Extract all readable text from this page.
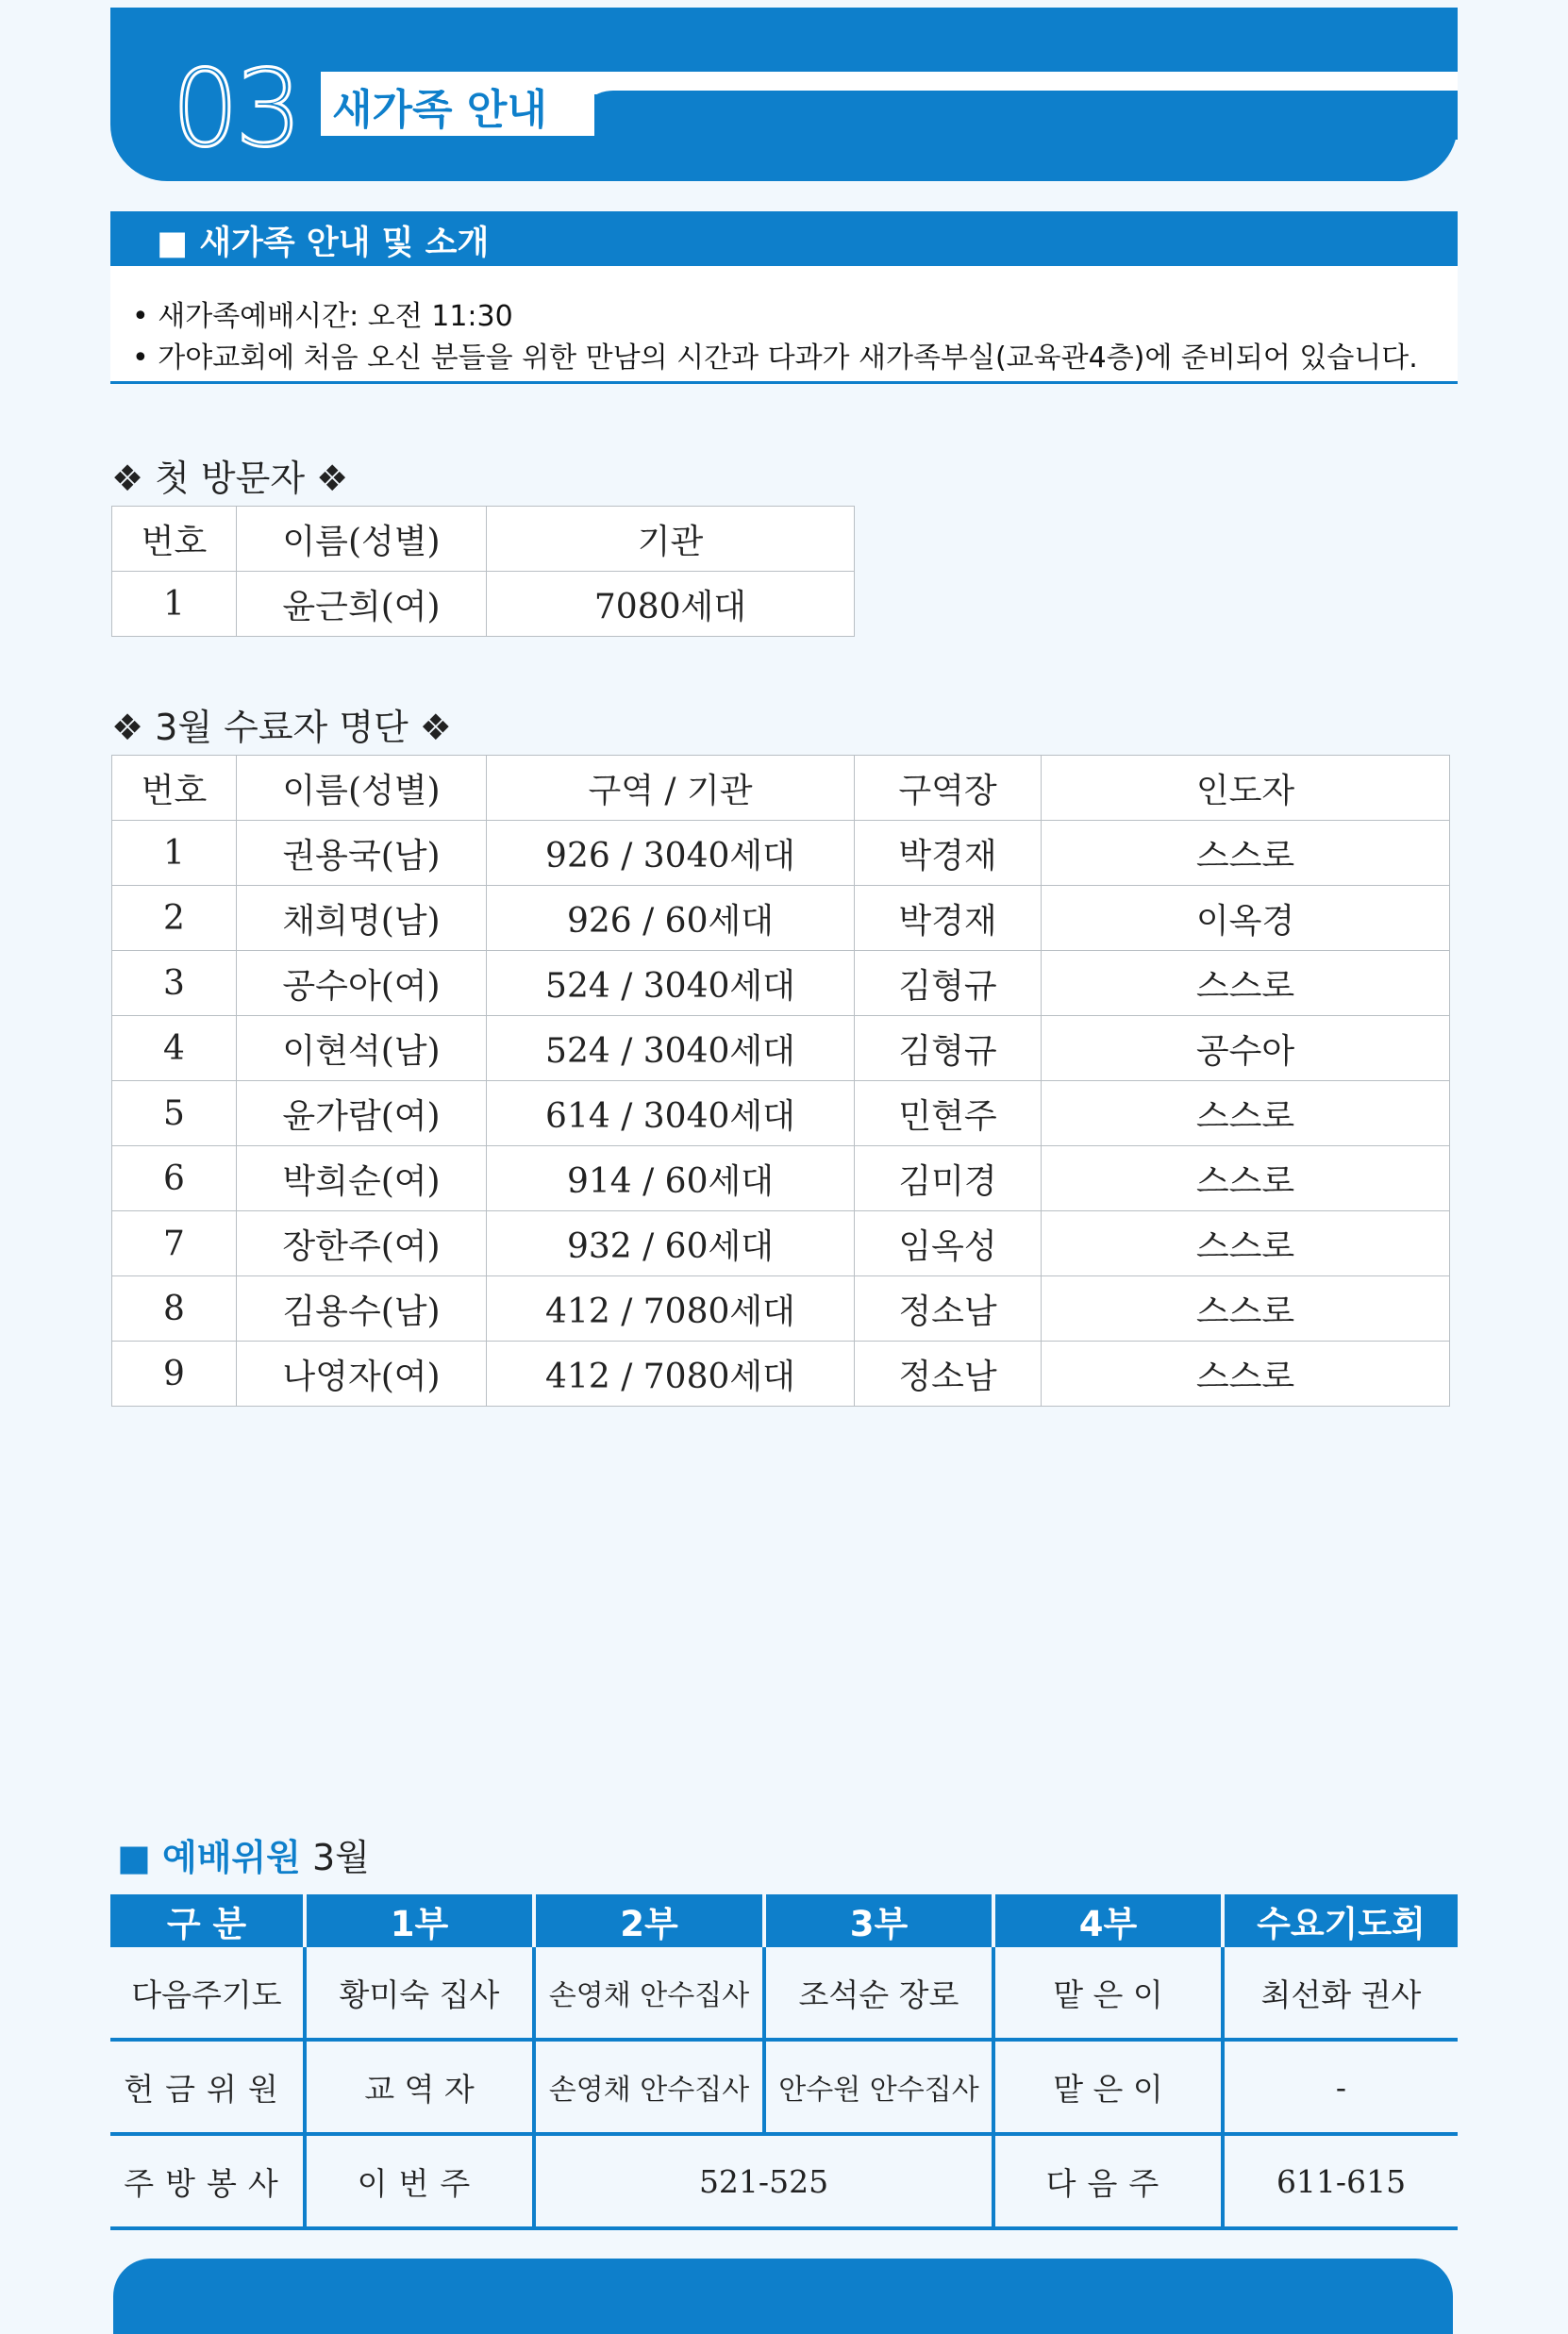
03 새가족 안내
■ 새가족 안내 및 소개
• 새가족예배시간: 오전 11:30
• 가야교회에 처음 오신 분들을 위한 만남의 시간과 다과가 새가족부실(교육관4층)에 준비되어 있습니다.
❖ 첫 방문자 ❖
번호	이름(성별)	기관
1	윤근희(여)	7080세대
❖ 3월 수료자 명단 ❖
번호	이름(성별)	구역 / 기관	구역장	인도자
1	권용국(남)	926 / 3040세대	박경재	스스로
2	채희명(남)	926 / 60세대	박경재	이옥경
3	공수아(여)	524 / 3040세대	김형규	스스로
4	이현석(남)	524 / 3040세대	김형규	공수아
5	윤가람(여)	614 / 3040세대	민현주	스스로
6	박희순(여)	914 / 60세대	김미경	스스로
7	장한주(여)	932 / 60세대	임옥성	스스로
8	김용수(남)	412 / 7080세대	정소남	스스로
9	나영자(여)	412 / 7080세대	정소남	스스로
■ 예배위원 3월
구 분	1부	2부	3부	4부	수요기도회
다음주기도	황미숙 집사	손영채 안수집사	조석순 장로	맡 은 이	최선화 권사
헌금위원	교 역 자	손영채 안수집사	안수원 안수집사	맡 은 이	-
주방봉사	이번주	521-525		다음주	611-615
